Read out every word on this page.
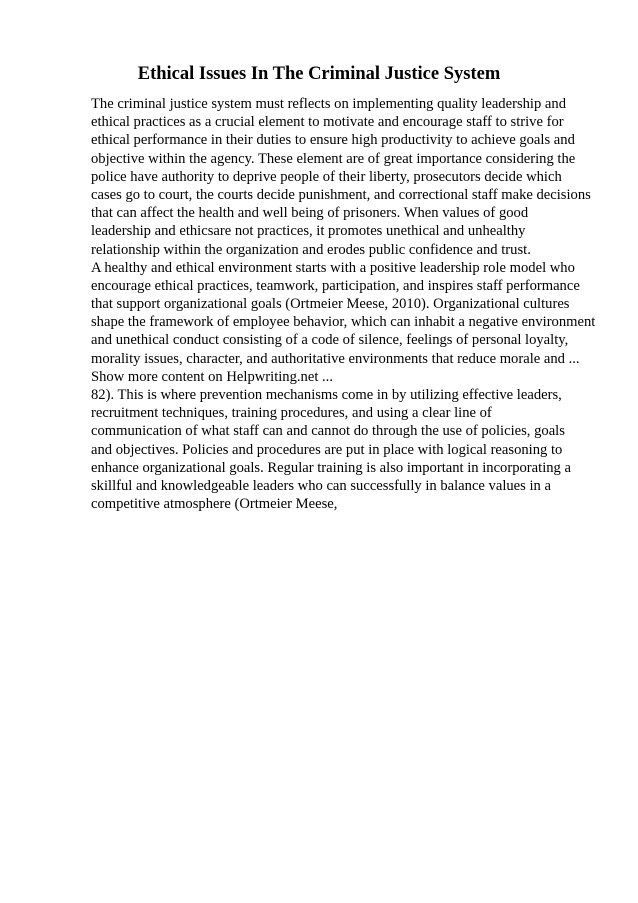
Ethical Issues In The Criminal Justice System
The criminal justice system must reflects on implementing quality leadership and
ethical practices as a crucial element to motivate and encourage staff to strive for
ethical performance in their duties to ensure high productivity to achieve goals and
objective within the agency. These element are of great importance considering the
police have authority to deprive people of their liberty, prosecutors decide which
cases go to court, the courts decide punishment, and correctional staff make decisions
that can affect the health and well being of prisoners. When values of good
leadership and ethicsare not practices, it promotes unethical and unhealthy
relationship within the organization and erodes public confidence and trust.
A healthy and ethical environment starts with a positive leadership role model who
encourage ethical practices, teamwork, participation, and inspires staff performance
that support organizational goals (Ortmeier Meese, 2010). Organizational cultures
shape the framework of employee behavior, which can inhabit a negative environment
and unethical conduct consisting of a code of silence, feelings of personal loyalty,
morality issues, character, and authoritative environments that reduce morale and ...
Show more content on Helpwriting.net ...
82). This is where prevention mechanisms come in by utilizing effective leaders,
recruitment techniques, training procedures, and using a clear line of
communication of what staff can and cannot do through the use of policies, goals
and objectives. Policies and procedures are put in place with logical reasoning to
enhance organizational goals. Regular training is also important in incorporating a
skillful and knowledgeable leaders who can successfully in balance values in a
competitive atmosphere (Ortmeier Meese,
